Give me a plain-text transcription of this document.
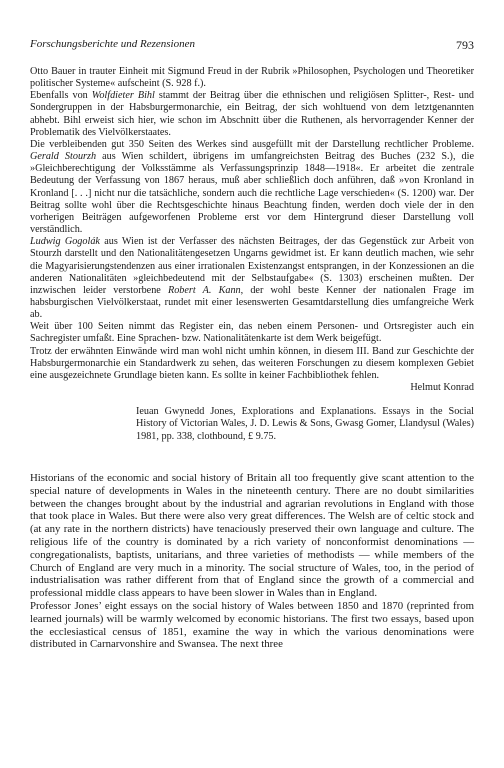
Forschungsberichte und Rezensionen	793

Otto Bauer in trauter Einheit mit Sigmund Freud in der Rubrik »Philosophen, Psychologen und Theoretiker politischer Systeme« aufscheint (S. 928 f.).

Ebenfalls von Wolfdieter Bihl stammt der Beitrag über die ethnischen und religiösen Splitter-, Rest- und Sondergruppen in der Habsburgermonarchie, ein Beitrag, der sich wohltuend von dem letztgenannten abhebt. Bihl erweist sich hier, wie schon im Abschnitt über die Ruthenen, als hervorragender Kenner der Problematik des Vielvölkerstaates.

Die verbleibenden gut 350 Seiten des Werkes sind ausgefüllt mit der Darstellung rechtlicher Probleme. Gerald Stourzh aus Wien schildert, übrigens im umfangreichsten Beitrag des Buches (232 S.), die »Gleichberechtigung der Volksstämme als Verfassungsprinzip 1848—1918«. Er arbeitet die zentrale Bedeutung der Verfassung von 1867 heraus, muß aber schließlich doch anführen, daß »von Kronland in Kronland [. . .] nicht nur die tatsächliche, sondern auch die rechtliche Lage verschieden« (S. 1200) war. Der Beitrag sollte wohl über die Rechtsgeschichte hinaus Beachtung finden, werden doch viele der in den vorherigen Beiträgen aufgeworfenen Probleme erst vor dem Hintergrund dieser Darstellung voll verständlich.

Ludwig Gogolák aus Wien ist der Verfasser des nächsten Beitrages, der das Gegenstück zur Arbeit von Stourzh darstellt und den Nationalitätengesetzen Ungarns gewidmet ist. Er kann deutlich machen, wie sehr die Magyarisierungstendenzen aus einer irrationalen Existenzangst entsprangen, in der Konzessionen an die anderen Nationalitäten »gleichbedeutend mit der Selbstaufgabe« (S. 1303) erscheinen mußten. Der inzwischen leider verstorbene Robert A. Kann, der wohl beste Kenner der nationalen Frage im habsburgischen Vielvölkerstaat, rundet mit einer lesenswerten Gesamtdarstellung dies umfangreiche Werk ab.

Weit über 100 Seiten nimmt das Register ein, das neben einem Personen- und Ortsregister auch ein Sachregister umfaßt. Eine Sprachen- bzw. Nationalitätenkarte ist dem Werk beigefügt.

Trotz der erwähnten Einwände wird man wohl nicht umhin können, in diesem III. Band zur Geschichte der Habsburgermonarchie ein Standardwerk zu sehen, das weiteren Forschungen zu diesem komplexen Gebiet eine ausgezeichnete Grundlage bieten kann. Es sollte in keiner Fachbibliothek fehlen.

Helmut Konrad

Ieuan Gwynedd Jones, Explorations and Explanations. Essays in the Social History of Victorian Wales, J. D. Lewis & Sons, Gwasg Gomer, Llandysul (Wales) 1981, pp. 338, clothbound, £ 9.75.

Historians of the economic and social history of Britain all too frequently give scant attention to the special nature of developments in Wales in the nineteenth century. There are no doubt similarities between the changes brought about by the industrial and agrarian revolutions in England with those that took place in Wales. But there were also very great differences. The Welsh are of celtic stock and (at any rate in the northern districts) have tenaciously preserved their own language and culture. The religious life of the country is dominated by a rich variety of nonconformist denominations — congregationalists, baptists, unitarians, and three varieties of methodists — while members of the Church of England are very much in a minority. The social structure of Wales, too, in the period of industrialisation was rather different from that of England since the growth of a commercial and professional middle class appears to have been slower in Wales than in England.

Professor Jones’ eight essays on the social history of Wales between 1850 and 1870 (reprinted from learned journals) will be warmly welcomed by economic historians. The first two essays, based upon the ecclesiastical census of 1851, examine the way in which the various denominations were distributed in Carnarvonshire and Swansea. The next three
